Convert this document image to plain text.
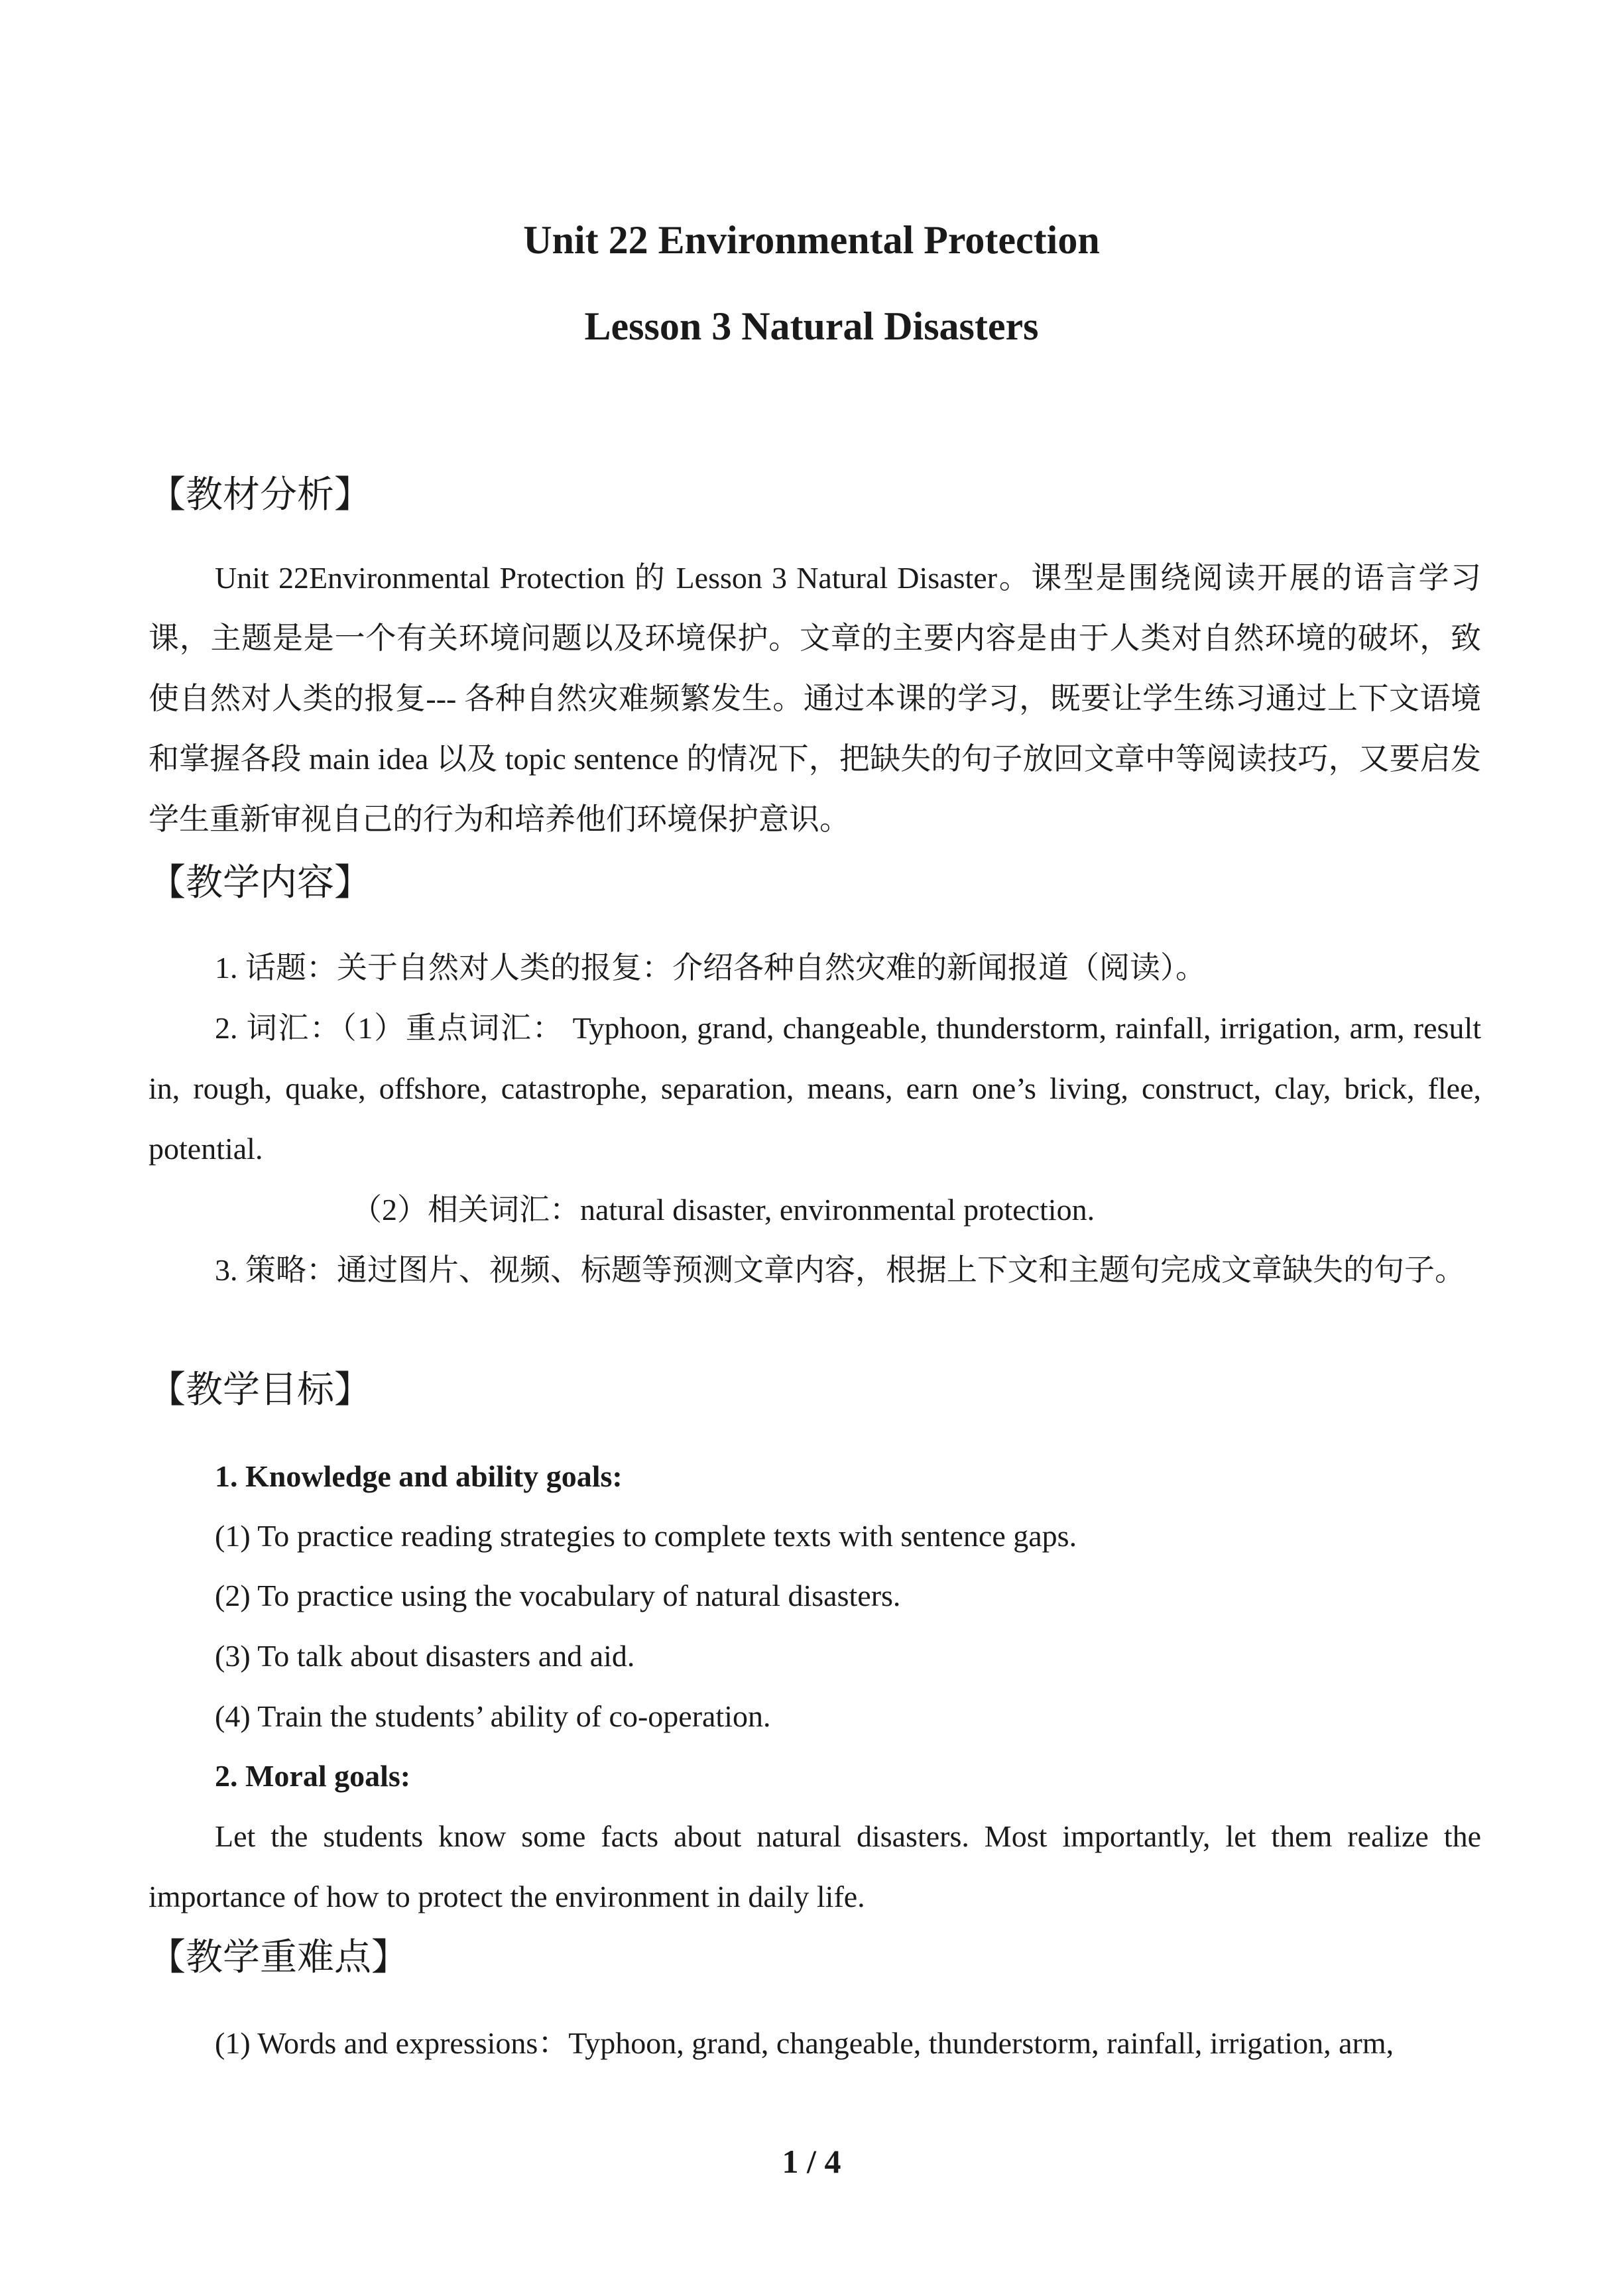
Unit 22 Environmental Protection
Lesson 3 Natural Disasters
【教材分析】
Unit 22Environmental Protection 的 Lesson 3 Natural Disaster。课型是围绕阅读开展的语言学习课，主题是是一个有关环境问题以及环境保护。文章的主要内容是由于人类对自然环境的破坏，致使自然对人类的报复--- 各种自然灾难频繁发生。通过本课的学习，既要让学生练习通过上下文语境和掌握各段 main idea 以及 topic sentence 的情况下，把缺失的句子放回文章中等阅读技巧，又要启发学生重新审视自己的行为和培养他们环境保护意识。
【教学内容】
1. 话题：关于自然对人类的报复：介绍各种自然灾难的新闻报道（阅读）。
2. 词汇：（1）重点词汇： Typhoon, grand, changeable, thunderstorm, rainfall, irrigation, arm, result in, rough, quake, offshore, catastrophe, separation, means, earn one’s living, construct, clay, brick, flee, potential.
（2）相关词汇：natural disaster, environmental protection.
3. 策略：通过图片、视频、标题等预测文章内容，根据上下文和主题句完成文章缺失的句子。
【教学目标】
1. Knowledge and ability goals:
(1) To practice reading strategies to complete texts with sentence gaps.
(2) To practice using the vocabulary of natural disasters.
(3) To talk about disasters and aid.
(4) Train the students’ ability of co-operation.
2. Moral goals:
Let the students know some facts about natural disasters. Most importantly, let them realize the importance of how to protect the environment in daily life.
【教学重难点】
(1) Words and expressions：Typhoon, grand, changeable, thunderstorm, rainfall, irrigation, arm,
1 / 4
